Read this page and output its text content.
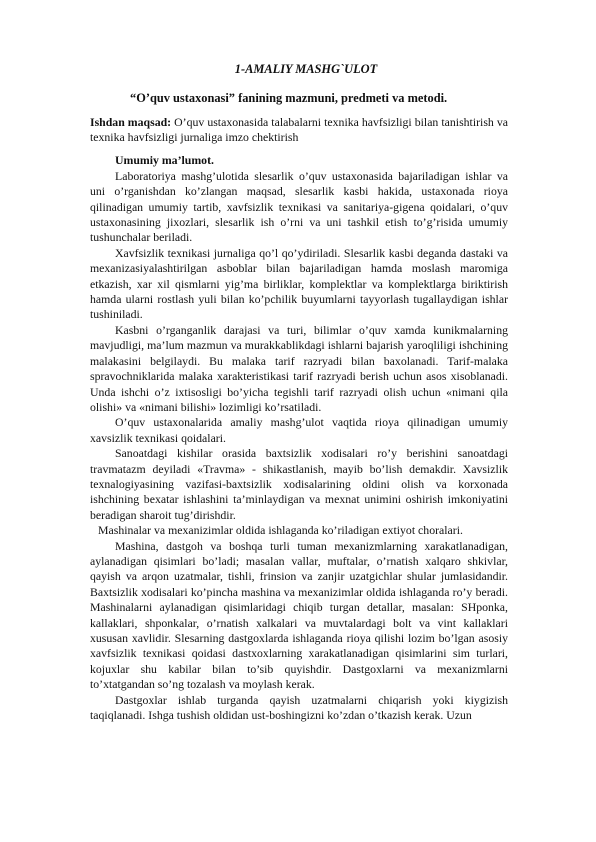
1-AMALIY MASHG`ULOT
“O’quv ustaxonasi” fanining mazmuni, predmeti va metodi.
Ishdan maqsad: O’quv ustaxonasida talabalarni texnika havfsizligi bilan tanishtirish va texnika havfsizligi jurnaliga imzo chektirish

Umumiy ma’lumot.

Laboratoriya mashg’ulotida slesarlik o’quv ustaxonasida bajariladigan ishlar va uni o’rganishdan ko’zlangan maqsad, slesarlik kasbi hakida, ustaxonada rioya qilinadigan umumiy tartib, xavfsizlik texnikasi va sanitariya-gigena qoidalari, o’quv ustaxonasining jixozlari, slesarlik ish o’rni va uni tashkil etish to’g’risida umumiy tushunchalar beriladi.

Xavfsizlik texnikasi jurnaliga qo’l qo’ydiriladi. Slesarlik kasbi deganda dastaki va mexanizasiyalashtirilgan asboblar bilan bajariladigan hamda moslash maromiga etkazish, xar xil qismlarni yig’ma birliklar, komplektlar va komplektlarga biriktirish hamda ularni rostlash yuli bilan ko’pchilik buyumlarni tayyorlash tugallaydigan ishlar tushiniladi.

Kasbni o’rganganlik darajasi va turi, bilimlar o’quv xamda kunikmalarning mavjudligi, ma’lum mazmun va murakkablikdagi ishlarni bajarish yaroqliligi ishchining malakasini belgilaydi. Bu malaka tarif razryadi bilan baxolanadi. Tarif-malaka spravochniklarida malaka xarakteristikasi tarif razryadi berish uchun asos xisoblanadi. Unda ishchi o’z ixtisosligi bo’yicha tegishli tarif razryadi olish uchun «nimani qila olishi» va «nimani bilishi» lozimligi ko’rsatiladi.

O’quv ustaxonalarida amaliy mashg’ulot vaqtida rioya qilinadigan umumiy xavsizlik texnikasi qoidalari.

Sanoatdagi kishilar orasida baxtsizlik xodisalari ro’y berishini sanoatdagi travmatazm deyiladi «Travma» - shikastlanish, mayib bo’lish demakdir. Xavsizlik texnalogiyasining vazifasi-baxtsizlik xodisalarining oldini olish va korxonada ishchining bexatar ishlashini ta’minlaydigan va mexnat unimini oshirish imkoniyatini beradigan sharoit tug’dirishdir.

Mashinalar va mexanizimlar oldida ishlaganda ko’riladigan extiyot choralari.

Mashina, dastgoh va boshqa turli tuman mexanizmlarning xarakatlanadigan, aylanadigan qisimlari bo’ladi; masalan vallar, muftalar, o’rnatish xalqaro shkivlar, qayish va arqon uzatmalar, tishli, frinsion va zanjir uzatgichlar shular jumlasidandir. Baxtsizlik xodisalari ko’pincha mashina va mexanizimlar oldida ishlaganda ro’y beradi. Mashinalarni aylanadigan qisimlaridagi chiqib turgan detallar, masalan: SHponka, kallaklari, shponkalar, o’rnatish xalkalari va muvtalardagi bolt va vint kallaklari xususan xavlidir. Slesarning dastgoxlarda ishlaganda rioya qilishi lozim bo’lgan asosiy xavfsizlik texnikasi qoidasi dastxoxlarning xarakatlanadigan qisimlarini sim turlari, kojuxlar shu kabilar bilan to’sib quyishdir. Dastgoxlarni va mexanizmlarni to’xtatgandan so’ng tozalash va moylash kerak.

Dastgoxlar ishlab turganda qayish uzatmalarni chiqarish yoki kiygizish taqiqlanadi. Ishga tushish oldidan ust-boshingizni ko’zdan o’tkazish kerak. Uzun
